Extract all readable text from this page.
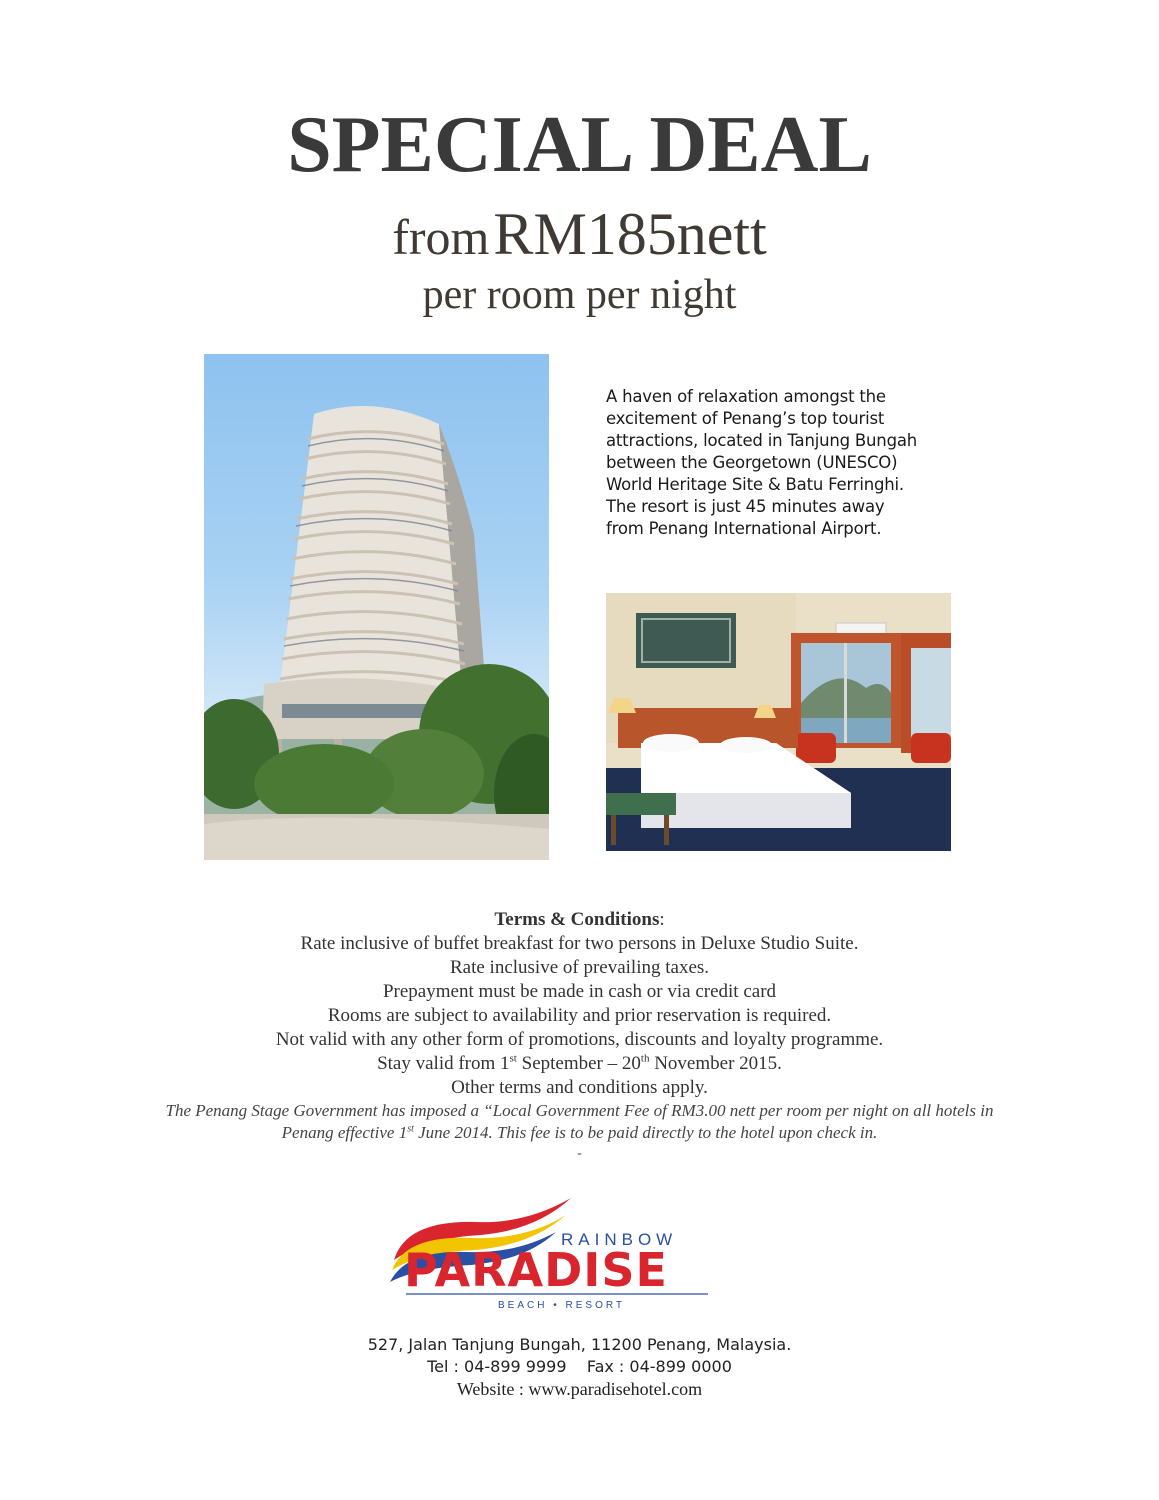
SPECIAL DEAL
from RM185nett
per room per night
A haven of relaxation amongst the
excitement of Penang’s top tourist
attractions, located in Tanjung Bungah
between the Georgetown (UNESCO)
World Heritage Site & Batu Ferringhi.
The resort is just 45 minutes away
from Penang International Airport.
Terms & Conditions:
Rate inclusive of buffet breakfast for two persons in Deluxe Studio Suite.
Rate inclusive of prevailing taxes.
Prepayment must be made in cash or via credit card
Rooms are subject to availability and prior reservation is required.
Not valid with any other form of promotions, discounts and loyalty programme.
Stay valid from 1st September – 20th November 2015.
Other terms and conditions apply.
The Penang Stage Government has imposed a “Local Government Fee of RM3.00 nett per room per night on all hotels in
Penang effective 1st June 2014. This fee is to be paid directly to the hotel upon check in.
-
RAINBOW
PARADISE
BEACH • RESORT
527, Jalan Tanjung Bungah, 11200 Penang, Malaysia.
Tel : 04-899 9999    Fax : 04-899 0000
Website : www.paradisehotel.com
